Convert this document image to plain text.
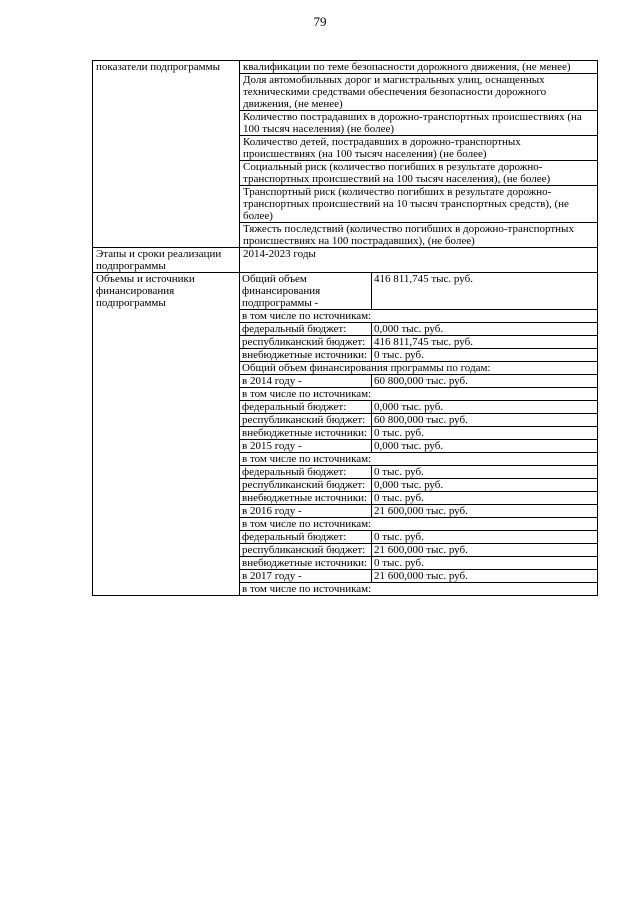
79
показатели подпрограммы	квалификации по теме безопасности дорожного движения, (не менее)
Доля автомобильных дорог и магистральных улиц, оснащенных техническими средствами обеспечения безопасности дорожного движения, (не менее)
Количество пострадавших в дорожно-транспортных происшествиях (на 100 тысяч населения) (не более)
Количество детей, пострадавших в дорожно-транспортных происшествиях (на 100 тысяч населения) (не более)
Социальный риск (количество погибших в результате дорожно-транспортных происшествий на 100 тысяч населения), (не более)
Транспортный риск (количество погибших в результате дорожно-транспортных происшествий на 10 тысяч транспортных средств), (не более)
Тяжесть последствий (количество погибших в дорожно-транспортных происшествиях на 100 пострадавших), (не более)

Этапы и сроки реализации подпрограммы	2014-2023 годы
Объемы и источники финансирования подпрограммы	
Общий объем финансирования подпрограммы -	416 811,745 тыс. руб.
в том числе по источникам:
федеральный бюджет:	0,000 тыс. руб.
республиканский бюджет:	416 811,745 тыс. руб.
внебюджетные источники:	0 тыс. руб.
Общий объем финансирования программы по годам:
в 2014 году -	60 800,000 тыс. руб.
в том числе по источникам:
федеральный бюджет:	0,000 тыс. руб.
республиканский бюджет:	60 800,000 тыс. руб.
внебюджетные источники:	0 тыс. руб.
в 2015 году -	0,000 тыс. руб.
в том числе по источникам:
федеральный бюджет:	0 тыс. руб.
республиканский бюджет:	0,000 тыс. руб.
внебюджетные источники:	0 тыс. руб.
в 2016 году -	21 600,000 тыс. руб.
в том числе по источникам:
федеральный бюджет:	0 тыс. руб.
республиканский бюджет:	21 600,000 тыс. руб.
внебюджетные источники:	0 тыс. руб.
в 2017 году -	21 600,000 тыс. руб.
в том числе по источникам:
